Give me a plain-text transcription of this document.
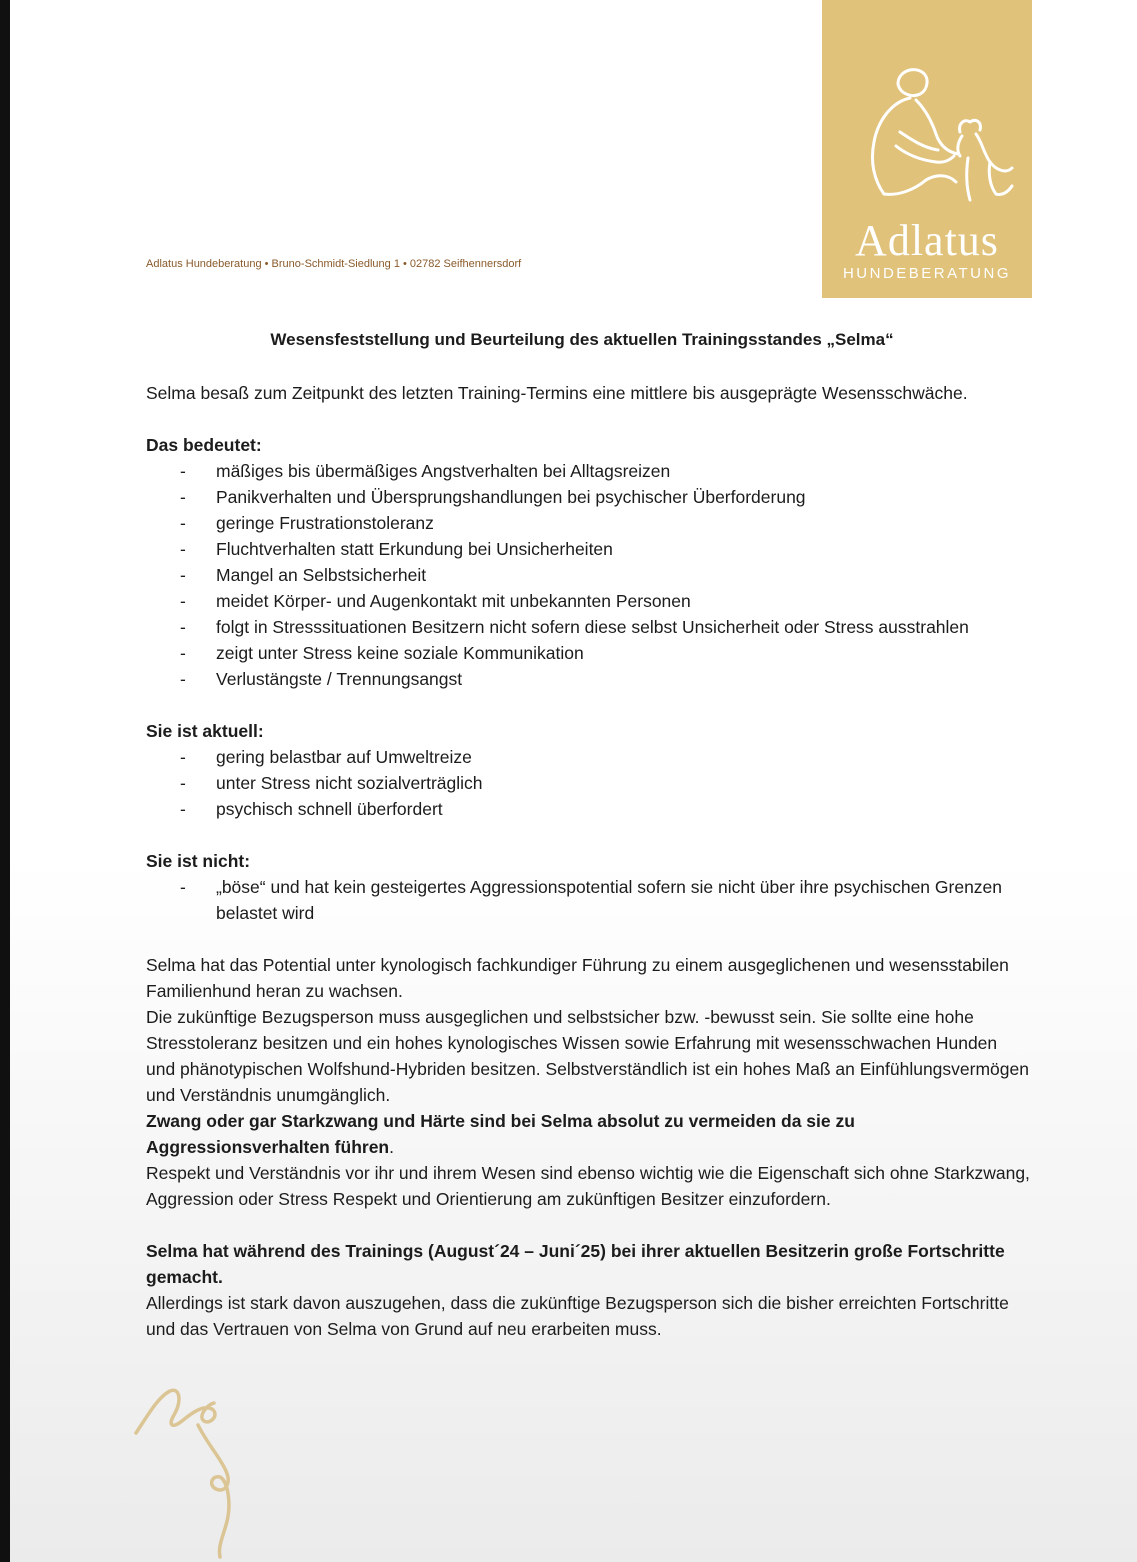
Adlatus
HUNDEBERATUNG
Adlatus Hundeberatung • Bruno-Schmidt-Siedlung 1 • 02782 Seifhennersdorf
Wesensfeststellung und Beurteilung des aktuellen Trainingsstandes „Selma“

Selma besaß zum Zeitpunkt des letzten Training-Termins eine mittlere bis ausgeprägte Wesensschwäche.

Das bedeutet:

- mäßiges bis übermäßiges Angstverhalten bei Alltagsreizen
- Panikverhalten und Übersprungshandlungen bei psychischer Überforderung
- geringe Frustrationstoleranz
- Fluchtverhalten statt Erkundung bei Unsicherheiten
- Mangel an Selbstsicherheit
- meidet Körper- und Augenkontakt mit unbekannten Personen
- folgt in Stresssituationen Besitzern nicht sofern diese selbst Unsicherheit oder Stress ausstrahlen
- zeigt unter Stress keine soziale Kommunikation
- Verlustängste / Trennungsangst

Sie ist aktuell:

- gering belastbar auf Umweltreize
- unter Stress nicht sozialverträglich
- psychisch schnell überfordert

Sie ist nicht:

- „böse“ und hat kein gesteigertes Aggressionspotential sofern sie nicht über ihre psychischen Grenzen belastet wird

Selma hat das Potential unter kynologisch fachkundiger Führung zu einem ausgeglichenen und wesensstabilen Familienhund heran zu wachsen.

Die zukünftige Bezugsperson muss ausgeglichen und selbstsicher bzw. -bewusst sein. Sie sollte eine hohe Stresstoleranz besitzen und ein hohes kynologisches Wissen sowie Erfahrung mit wesensschwachen Hunden und phänotypischen Wolfshund-Hybriden besitzen. Selbstverständlich ist ein hohes Maß an Einfühlungsvermögen und Verständnis unumgänglich.

Zwang oder gar Starkzwang und Härte sind bei Selma absolut zu vermeiden da sie zu Aggressionsverhalten führen.

Respekt und Verständnis vor ihr und ihrem Wesen sind ebenso wichtig wie die Eigenschaft sich ohne Starkzwang, Aggression oder Stress Respekt und Orientierung am zukünftigen Besitzer einzufordern.

Selma hat während des Trainings (August´24 – Juni´25) bei ihrer aktuellen Besitzerin große Fortschritte gemacht.

Allerdings ist stark davon auszugehen, dass die zukünftige Bezugsperson sich die bisher erreichten Fortschritte und das Vertrauen von Selma von Grund auf neu erarbeiten muss.
